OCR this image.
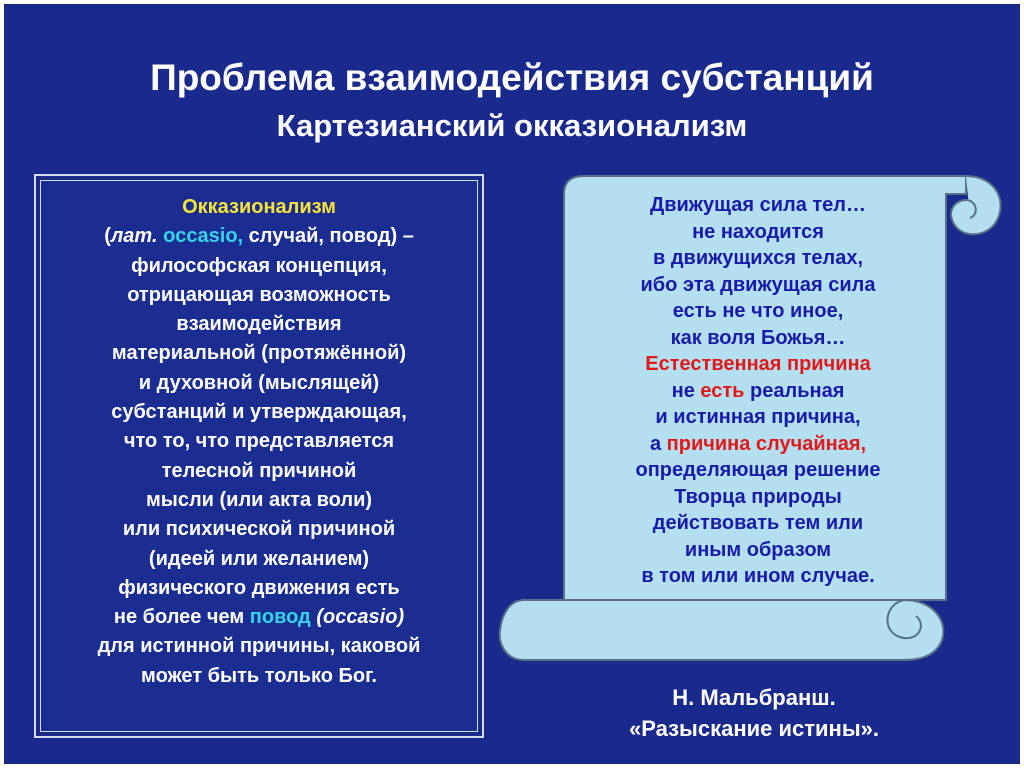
Проблема взаимодействия субстанций
Картезианский окказионализм
Окказионализм
(лат. occasio, случай, повод) –
философская концепция,
отрицающая возможность
взаимодействия
материальной (протяжённой)
и духовной (мыслящей)
субстанций и утверждающая,
что то, что представляется
телесной причиной
мысли (или акта воли)
или психической причиной
(идеей или желанием)
физического движения есть
не более чем повод (occasio)
для истинной причины, каковой
может быть только Бог.
Движущая сила тел…
не находится
в движущихся телах,
ибо эта движущая сила
есть не что иное,
как воля Божья…
Естественная причина
не есть реальная
и истинная причина,
а причина случайная,
определяющая решение
Творца природы
действовать тем или
иным образом
в том или ином случае.
Н. Мальбранш.
«Разыскание истины».
